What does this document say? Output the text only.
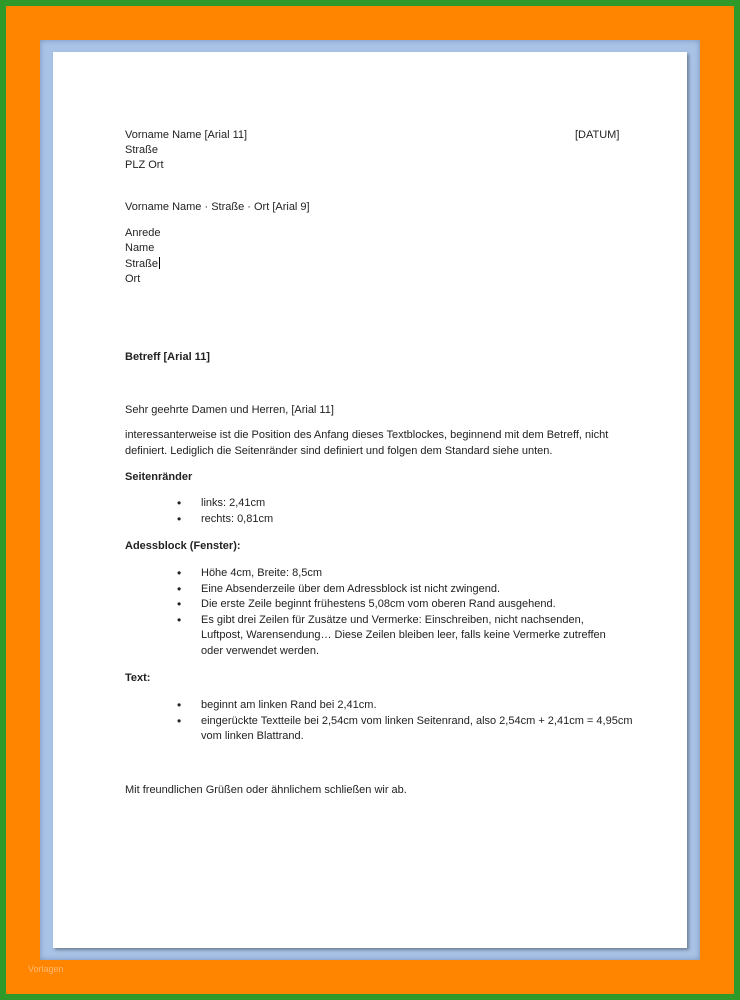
Vorname Name [Arial 11]
Straße
PLZ Ort
[DATUM]
Vorname Name · Straße · Ort [Arial 9]
Anrede
Name
Straße
Ort
Betreff [Arial 11]
Sehr geehrte Damen und Herren, [Arial 11]
interessanterweise ist die Position des Anfang dieses Textblockes, beginnend mit dem Betreff, nicht definiert. Lediglich die Seitenränder sind definiert und folgen dem Standard siehe unten.
Seitenränder
• links: 2,41cm
• rechts: 0,81cm
Adessblock (Fenster):
• Höhe 4cm, Breite: 8,5cm
• Eine Absenderzeile über dem Adressblock ist nicht zwingend.
• Die erste Zeile beginnt frühestens 5,08cm vom oberen Rand ausgehend.
• Es gibt drei Zeilen für Zusätze und Vermerke: Einschreiben, nicht nachsenden, Luftpost, Warensendung… Diese Zeilen bleiben leer, falls keine Vermerke zutreffen oder verwendet werden.
Text:
• beginnt am linken Rand bei 2,41cm.
• eingerückte Textteile bei 2,54cm vom linken Seitenrand, also 2,54cm + 2,41cm = 4,95cm vom linken Blattrand.
Mit freundlichen Grüßen oder ähnlichem schließen wir ab.
Vorlagen
